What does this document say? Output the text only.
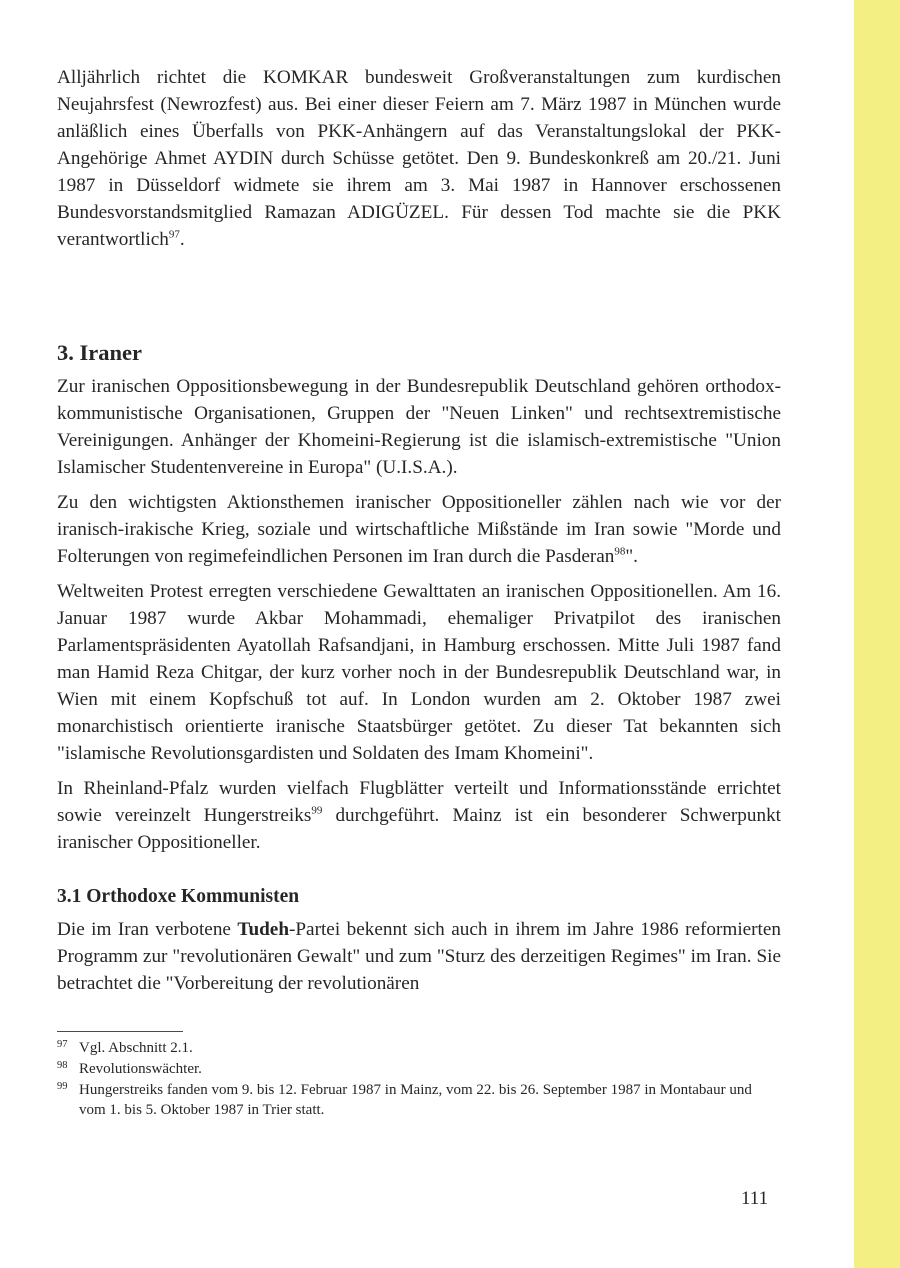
Alljährlich richtet die KOMKAR bundesweit Großveranstaltungen zum kurdischen Neujahrsfest (Newrozfest) aus. Bei einer dieser Feiern am 7. März 1987 in München wurde anläßlich eines Überfalls von PKK-Anhängern auf das Veranstaltungslokal der PKK-Angehörige Ahmet AYDIN durch Schüsse getötet. Den 9. Bundeskonkreß am 20./21. Juni 1987 in Düsseldorf widmete sie ihrem am 3. Mai 1987 in Hannover erschossenen Bundesvorstandsmitglied Ramazan ADIGÜZEL. Für dessen Tod machte sie die PKK verantwortlich$^{97}$.

3. Iraner

Zur iranischen Oppositionsbewegung in der Bundesrepublik Deutschland gehören orthodox-kommunistische Organisationen, Gruppen der "Neuen Linken" und rechtsextremistische Vereinigungen. Anhänger der Khomeini-Regierung ist die islamisch-extremistische "Union Islamischer Studentenvereine in Europa" (U.I.S.A.).

Zu den wichtigsten Aktionsthemen iranischer Oppositioneller zählen nach wie vor der iranisch-irakische Krieg, soziale und wirtschaftliche Mißstände im Iran sowie "Morde und Folterungen von regimefeindlichen Personen im Iran durch die Pasderan$^{98}$".

Weltweiten Protest erregten verschiedene Gewalttaten an iranischen Oppositionellen. Am 16. Januar 1987 wurde Akbar Mohammadi, ehemaliger Privatpilot des iranischen Parlamentspräsidenten Ayatollah Rafsandjani, in Hamburg erschossen. Mitte Juli 1987 fand man Hamid Reza Chitgar, der kurz vorher noch in der Bundesrepublik Deutschland war, in Wien mit einem Kopfschuß tot auf. In London wurden am 2. Oktober 1987 zwei monarchistisch orientierte iranische Staatsbürger getötet. Zu dieser Tat bekannten sich "islamische Revolutionsgardisten und Soldaten des Imam Khomeini".

In Rheinland-Pfalz wurden vielfach Flugblätter verteilt und Informationsstände errichtet sowie vereinzelt Hungerstreiks$^{99}$ durchgeführt. Mainz ist ein besonderer Schwerpunkt iranischer Oppositioneller.

3.1 Orthodoxe Kommunisten

Die im Iran verbotene Tudeh-Partei bekennt sich auch in ihrem im Jahre 1986 reformierten Programm zur "revolutionären Gewalt" und zum "Sturz des derzeitigen Regimes" im Iran. Sie betrachtet die "Vorbereitung der revolutionären

97 Vgl. Abschnitt 2.1.
98 Revolutionswächter.
99 Hungerstreiks fanden vom 9. bis 12. Februar 1987 in Mainz, vom 22. bis 26. September 1987 in Montabaur und vom 1. bis 5. Oktober 1987 in Trier statt.
111
